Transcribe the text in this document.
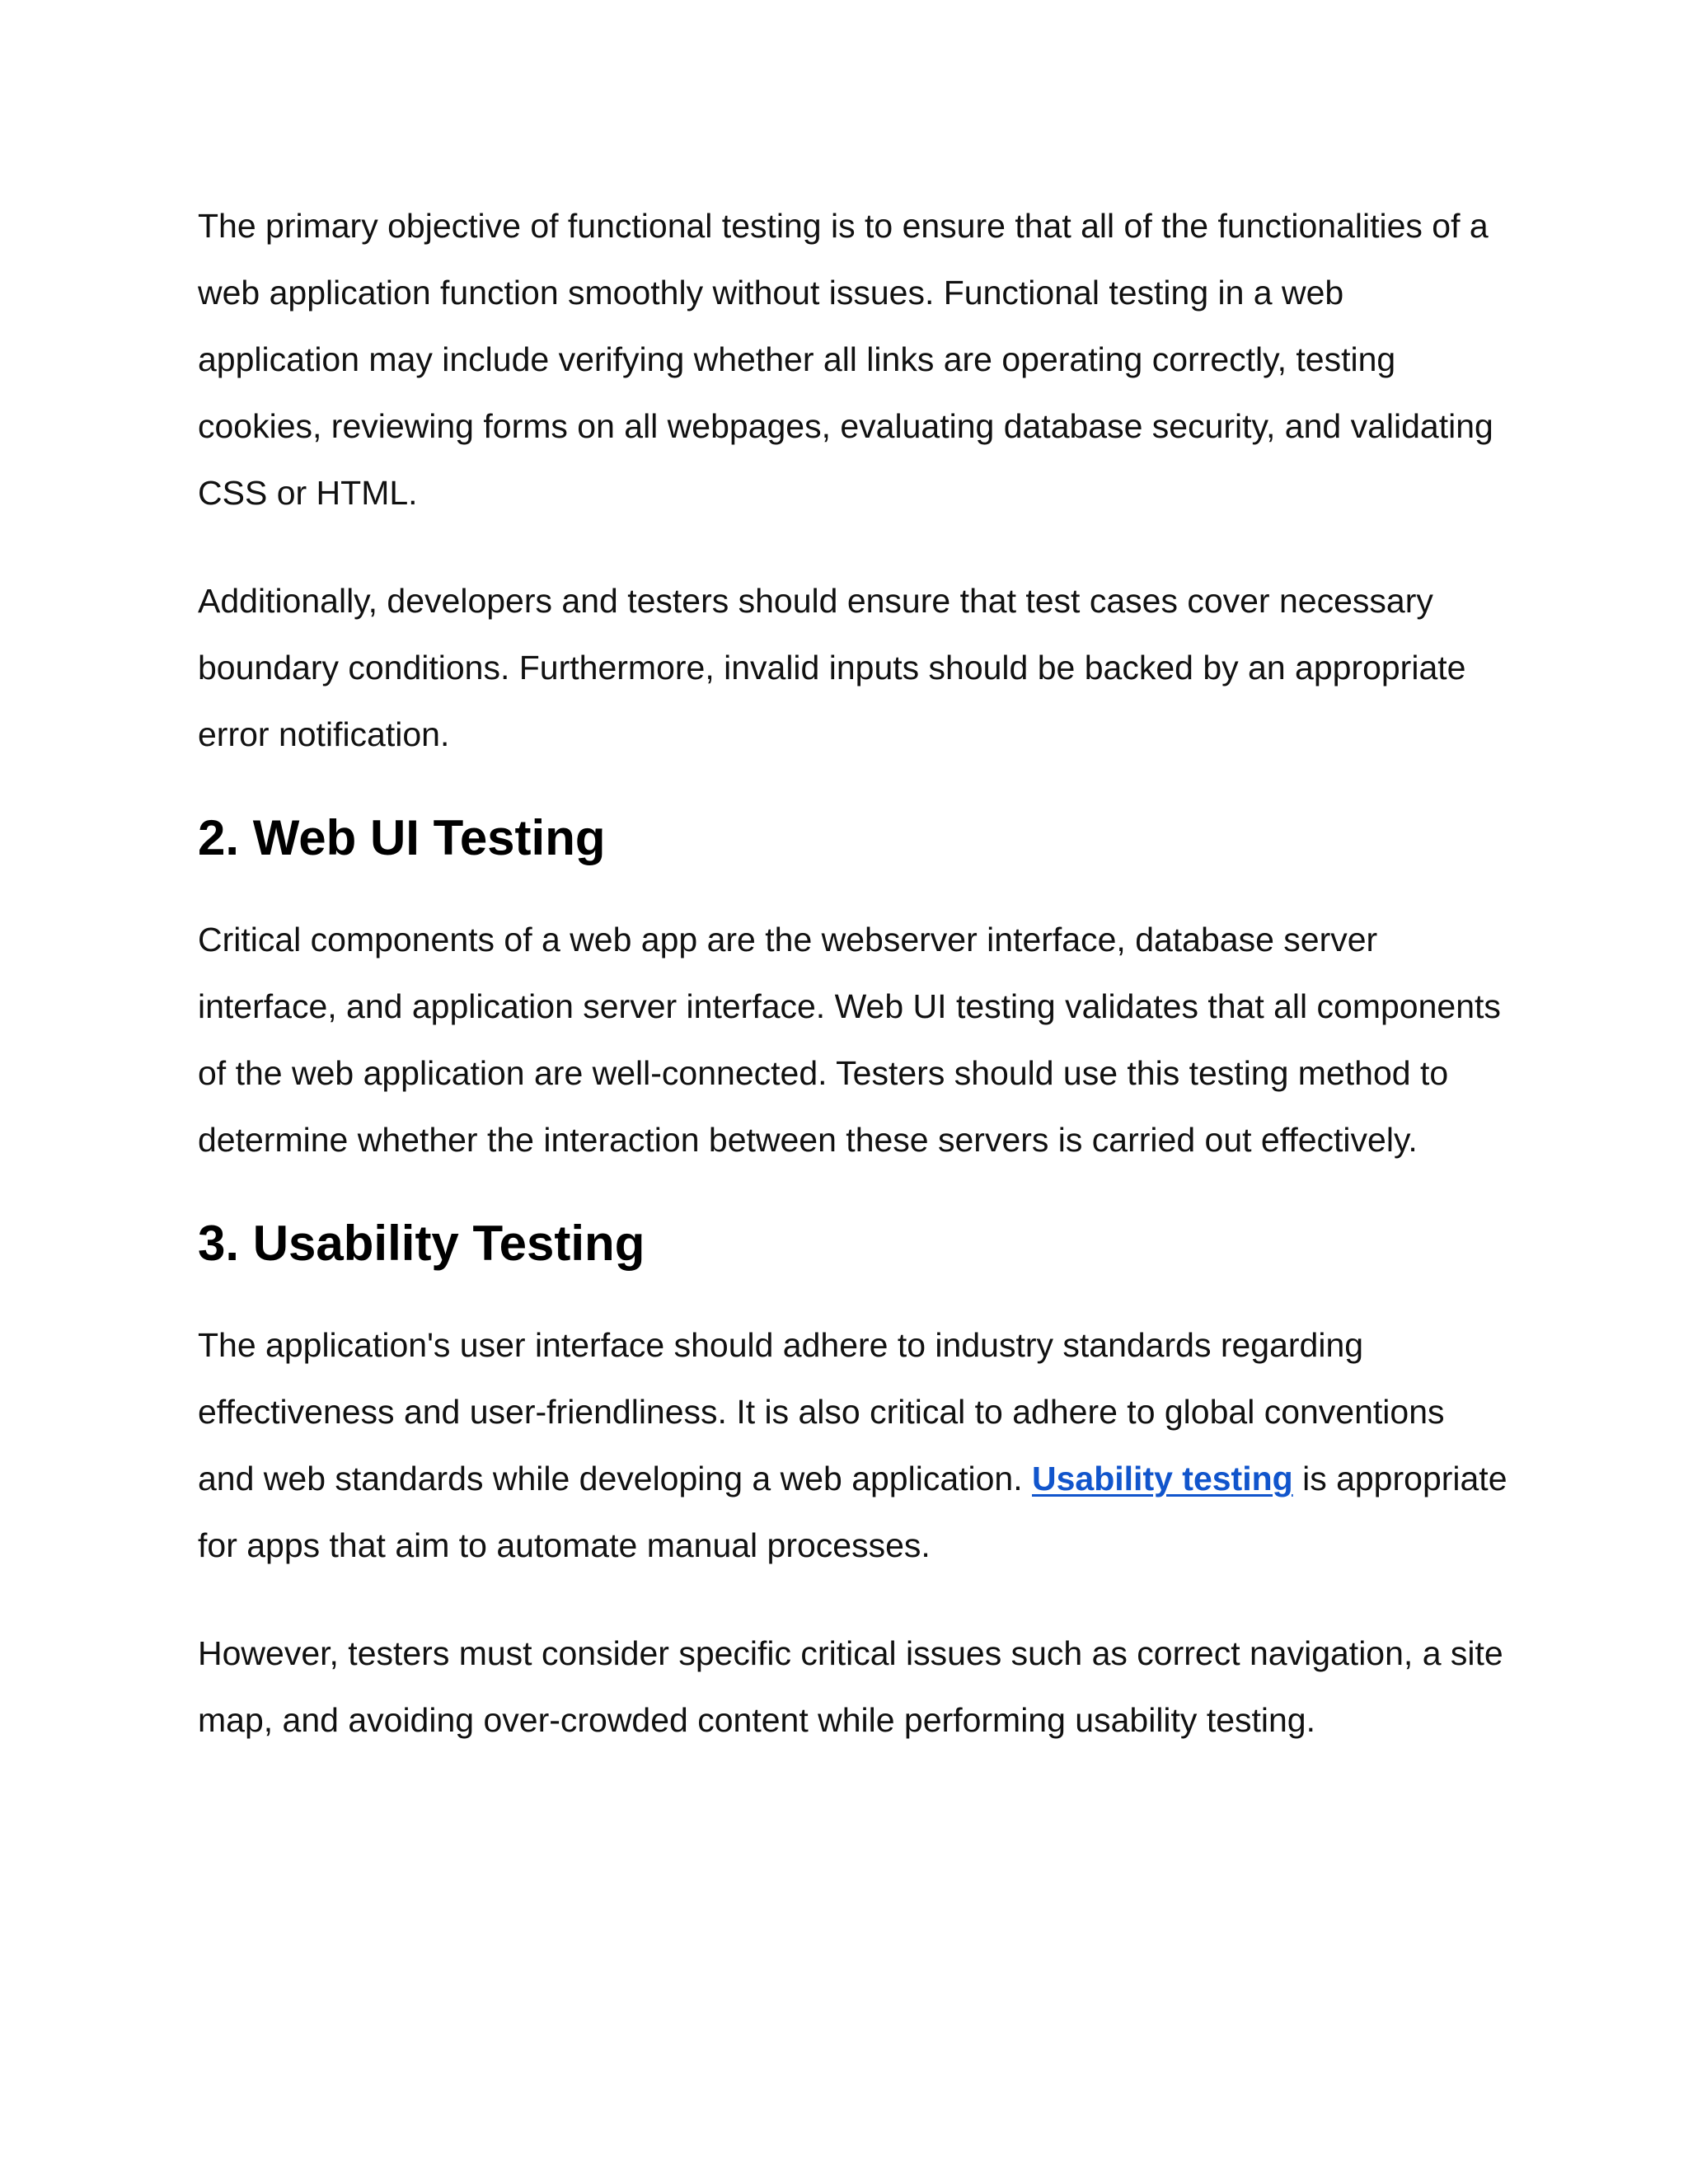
The primary objective of functional testing is to ensure that all of the functionalities of a web application function smoothly without issues. Functional testing in a web application may include verifying whether all links are operating correctly, testing cookies, reviewing forms on all webpages, evaluating database security, and validating CSS or HTML.

Additionally, developers and testers should ensure that test cases cover necessary boundary conditions. Furthermore, invalid inputs should be backed by an appropriate error notification.

2. Web UI Testing

Critical components of a web app are the webserver interface, database server interface, and application server interface. Web UI testing validates that all components of the web application are well-connected. Testers should use this testing method to determine whether the interaction between these servers is carried out effectively.

3. Usability Testing

The application's user interface should adhere to industry standards regarding effectiveness and user-friendliness. It is also critical to adhere to global conventions and web standards while developing a web application. Usability testing is appropriate for apps that aim to automate manual processes.

However, testers must consider specific critical issues such as correct navigation, a site map, and avoiding over-crowded content while performing usability testing.
